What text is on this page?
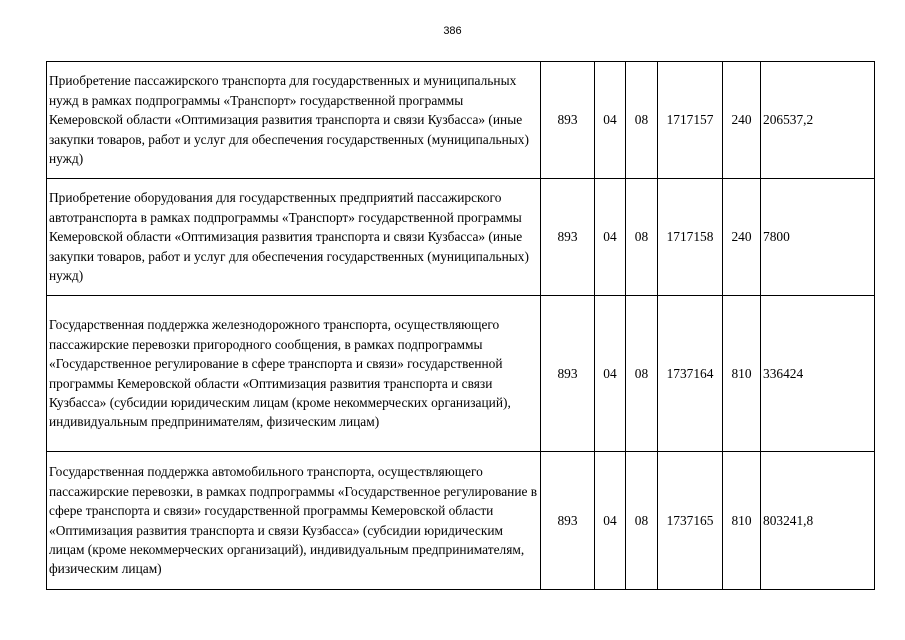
386
Приобретение пассажирского транспорта для государственных и муниципальных нужд в рамках подпрограммы «Транспорт» государственной программы Кемеровской области «Оптимизация развития транспорта и связи Кузбасса» (иные закупки товаров, работ и услуг для обеспечения государственных (муниципальных) нужд)	893	04	08	1717157	240	206537,2
Приобретение оборудования для государственных предприятий пассажирского автотранспорта в рамках подпрограммы «Транспорт» государственной программы Кемеровской области «Оптимизация развития транспорта и связи Кузбасса» (иные закупки товаров, работ и услуг для обеспечения государственных (муниципальных) нужд)	893	04	08	1717158	240	7800
Государственная поддержка железнодорожного транспорта, осуществляющего пассажирские перевозки пригородного сообщения, в рамках подпрограммы «Государственное регулирование в сфере транспорта и связи» государственной программы Кемеровской области «Оптимизация развития транспорта и связи Кузбасса» (субсидии юридическим лицам (кроме некоммерческих организаций), индивидуальным предпринимателям, физическим лицам)	893	04	08	1737164	810	336424
Государственная поддержка автомобильного транспорта, осуществляющего пассажирские перевозки, в рамках подпрограммы «Государственное регулирование в сфере транспорта и связи» государственной программы Кемеровской области «Оптимизация развития транспорта и связи Кузбасса» (субсидии юридическим лицам (кроме некоммерческих организаций), индивидуальным предпринимателям, физическим лицам)	893	04	08	1737165	810	803241,8
